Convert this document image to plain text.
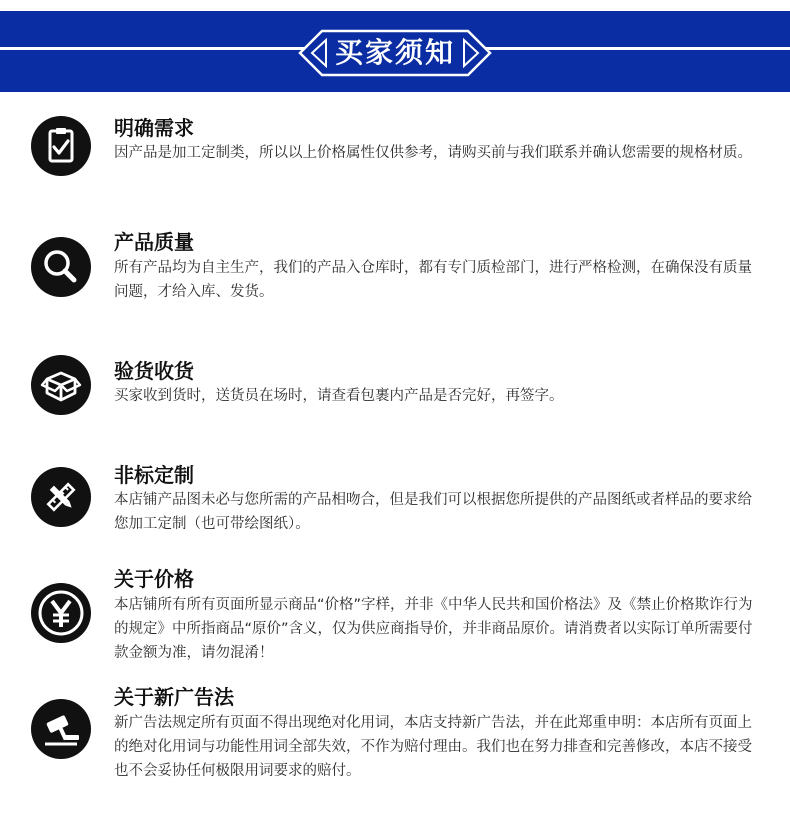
买家须知
明确需求
因产品是加工定制类，所以以上价格属性仅供参考，请购买前与我们联系并确认您需要的规格材质。
产品质量
所有产品均为自主生产，我们的产品入仓库时，都有专门质检部门，进行严格检测，在确保没有质量问题，才给入库、发货。
验货收货
买家收到货时，送货员在场时，请查看包裹内产品是否完好，再签字。
非标定制
本店铺产品图未必与您所需的产品相吻合，但是我们可以根据您所提供的产品图纸或者样品的要求给您加工定制（也可带绘图纸）。
关于价格
本店铺所有所有页面所显示商品“价格”字样，并非《中华人民共和国价格法》及《禁止价格欺诈行为的规定》中所指商品“原价”含义，仅为供应商指导价，并非商品原价。请消费者以实际订单所需要付款金额为准，请勿混淆！
关于新广告法
新广告法规定所有页面不得出现绝对化用词，本店支持新广告法，并在此郑重申明：本店所有页面上的绝对化用词与功能性用词全部失效，不作为赔付理由。我们也在努力排查和完善修改，本店不接受也不会妥协任何极限用词要求的赔付。
